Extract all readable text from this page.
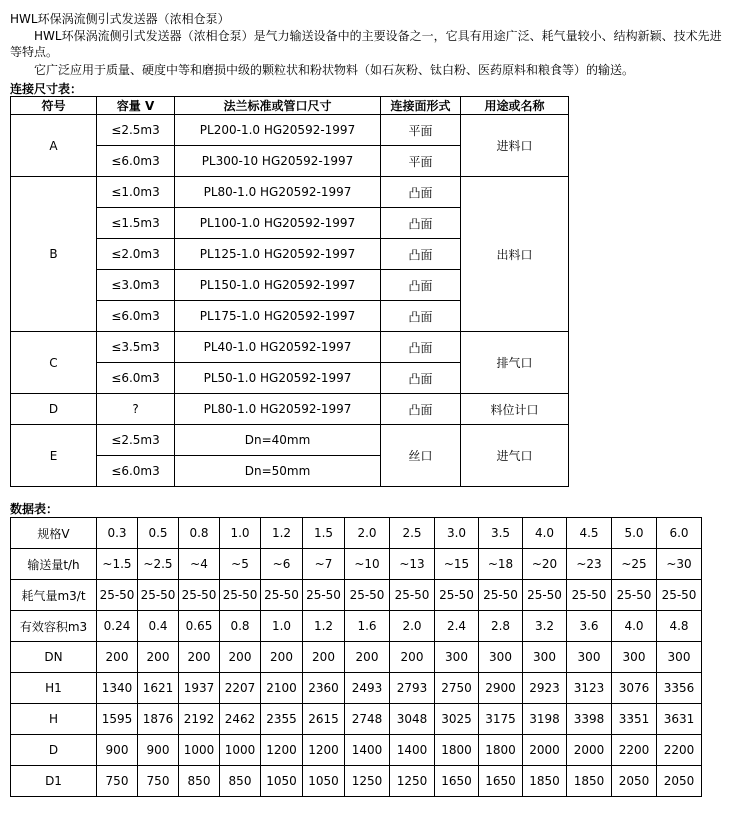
HWL环保涡流侧引式发送器（浓相仓泵）
HWL环保涡流侧引式发送器（浓相仓泵）是气力输送设备中的主要设备之一，它具有用途广泛、耗气量较小、结构新颖、技术先进等特点。
它广泛应用于质量、硬度中等和磨损中级的颗粒状和粉状物料（如石灰粉、钛白粉、医药原料和粮食等）的输送。
连接尺寸表：
符号	容量 V	法兰标准或管口尺寸	连接面形式	用途或名称
A	≤2.5m3	PL200-1.0 HG20592-1997	平面	进料口
	≤6.0m3	PL300-10 HG20592-1997	平面	
B	≤1.0m3	PL80-1.0 HG20592-1997	凸面	出料口
	≤1.5m3	PL100-1.0 HG20592-1997	凸面	
	≤2.0m3	PL125-1.0 HG20592-1997	凸面	
	≤3.0m3	PL150-1.0 HG20592-1997	凸面	
	≤6.0m3	PL175-1.0 HG20592-1997	凸面	
C	≤3.5m3	PL40-1.0 HG20592-1997	凸面	排气口
	≤6.0m3	PL50-1.0 HG20592-1997	凸面	
D	?	PL80-1.0 HG20592-1997	凸面	料位计口
E	≤2.5m3	Dn=40mm	丝口	进气口
	≤6.0m3	Dn=50mm		
数据表：
规格V	0.3	0.5	0.8	1.0	1.2	1.5	2.0	2.5	3.0	3.5	4.0	4.5	5.0	6.0
输送量t/h	~1.5	~2.5	~4	~5	~6	~7	~10	~13	~15	~18	~20	~23	~25	~30
耗气量m3/t	25-50	25-50	25-50	25-50	25-50	25-50	25-50	25-50	25-50	25-50	25-50	25-50	25-50	25-50
有效容积m3	0.24	0.4	0.65	0.8	1.0	1.2	1.6	2.0	2.4	2.8	3.2	3.6	4.0	4.8
DN	200	200	200	200	200	200	200	200	300	300	300	300	300	300
H1	1340	1621	1937	2207	2100	2360	2493	2793	2750	2900	2923	3123	3076	3356
H	1595	1876	2192	2462	2355	2615	2748	3048	3025	3175	3198	3398	3351	3631
D	900	900	1000	1000	1200	1200	1400	1400	1800	1800	2000	2000	2200	2200
D1	750	750	850	850	1050	1050	1250	1250	1650	1650	1850	1850	2050	2050
